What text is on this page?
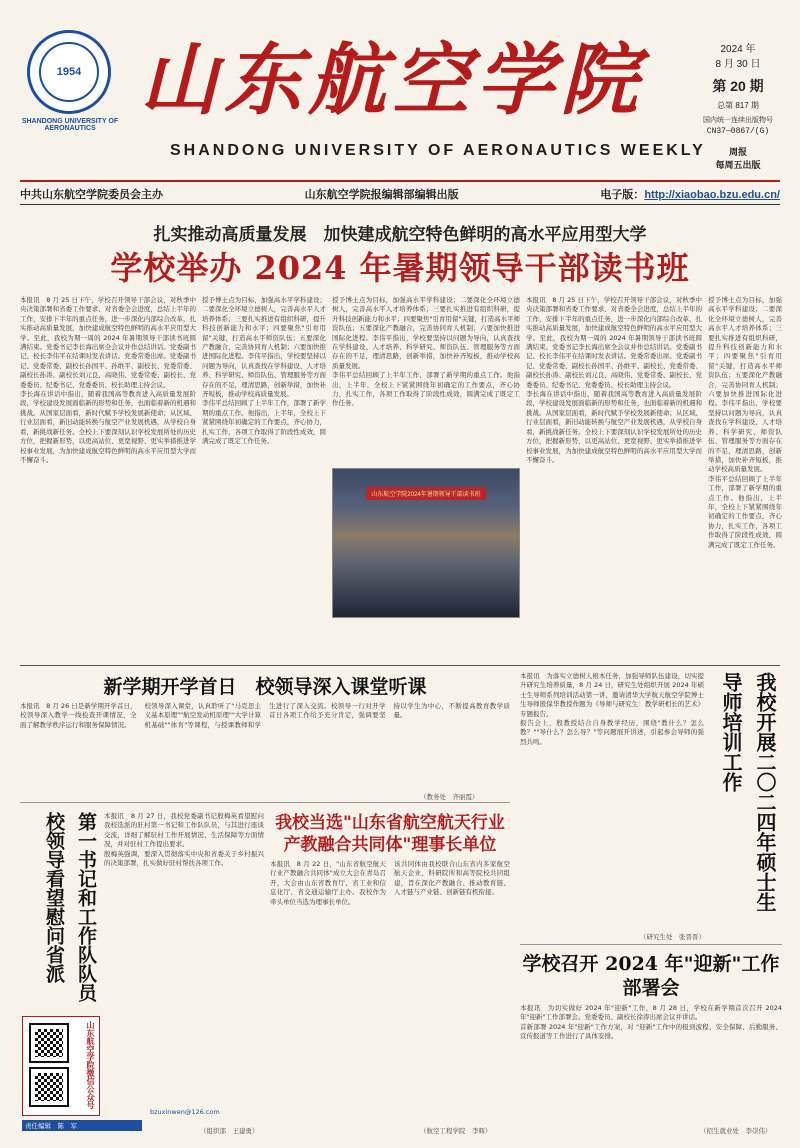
1954
SHANDONG UNIVERSITY OF AERONAUTICS
山东航空学院
SHANDONG UNIVERSITY OF AERONAUTICS WEEKLY
2024 年
8 月 30 日
第 20 期
总第 817 期
国内统一连续出版物号
CN37—0867/(G)
周报
每周五出版
中共山东航空学院委员会主办	山东航空学院报编辑部编辑出版	电子版：http://xiaobao.bzu.edu.cn/
扎实推动高质量发展　加快建成航空特色鲜明的高水平应用型大学
学校举办 2024 年暑期领导干部读书班
本报讯　8 月 25 日下午，学校召开领导干部会议，对秋季中央决策部署和省委工作要求、对省委全会进度，总结上半年的工作，安排下半年的重点任务，进一步深化内部综合改革，扎实推动高质量发展，加快建成航空特色鲜明的高水平应用型大学。至此，我校为期一周的 2024 年暑期领导干部读书班圆满结束。党委书记李长海出席全会议并作总结讲话。党委副书记、校长李伟平在结课时发表讲话。党委常委出席。党委副书记、党委常委、副校长孙国平、孙维平、副校长、党委常委、副校长孙涛、副校长刘元良、高晓伟、党委常委、副校长、党委委员、纪委书记、党委委员、校长助理主持会议。
李长海在讲话中指出，随着我国高等教育进入高质量发展阶段，学校建设发展面临新的形势和任务，也面临着新的机遇和挑战。从国家层面看，新时代赋予学校发展新使命；从区域、行业层面看，新旧动能转换与航空产业发展机遇，从学校自身看，新挑战新任务。全校上下要深刻认识学校发展所处的历史方位，把握新形势，以更高站位、更宽视野、更实举措推进学校事业发展，为加快建成航空特色鲜明的高水平应用型大学而不懈奋斗。
授予博士点为目标，加强高水平学科建设；二要深化全环境立德树人，完善高水平人才培养体系；三要扎实推进有组织科研，提升科技创新能力和水平；四要聚焦"引育用留"关键，打造高水平师资队伍；五要深化产教融合，完善协同育人机制；六要加快推进国际化进程。李伟平指出，学校要坚持以问题为导向，认真查找在学科建设、人才培养、科学研究、师资队伍、管理服务等方面存在的不足，理清思路，创新举措，加快补齐短板，推动学校高质量发展。
李伟平总结回顾了上半年工作，部署了新学期的重点工作。他指出，上半年，全校上下紧紧围绕年初确定的工作要点，齐心协力，扎实工作，各项工作取得了阶段性成效，圆满完成了既定工作任务。
山东航空学院2024年暑期领导干部读书班
授予博士点为目标，加强高水平学科建设；二要深化全环境立德树人，完善高水平人才培养体系；三要扎实推进有组织科研，提升科技创新能力和水平；四要聚焦"引育用留"关键，打造高水平师资队伍；五要深化产教融合，完善协同育人机制；六要加快推进国际化进程。李伟平指出，学校要坚持以问题为导向，认真查找在学科建设、人才培养、科学研究、师资队伍、管理服务等方面存在的不足，理清思路，创新举措，加快补齐短板，推动学校高质量发展。
李伟平总结回顾了上半年工作，部署了新学期的重点工作。他指出，上半年，全校上下紧紧围绕年初确定的工作要点，齐心协力，扎实工作，各项工作取得了阶段性成效，圆满完成了既定工作任务。
本报讯　8 月 25 日下午，学校召开领导干部会议，对秋季中央决策部署和省委工作要求、对省委全会进度，总结上半年的工作，安排下半年的重点任务，进一步深化内部综合改革，扎实推动高质量发展，加快建成航空特色鲜明的高水平应用型大学。至此，我校为期一周的 2024 年暑期领导干部读书班圆满结束。党委书记李长海出席全会议并作总结讲话。党委副书记、校长李伟平在结课时发表讲话。党委常委出席。党委副书记、党委常委、副校长孙国平、孙维平、副校长、党委常委、副校长孙涛、副校长刘元良、高晓伟、党委常委、副校长、党委委员、纪委书记、党委委员、校长助理主持会议。
李长海在讲话中指出，随着我国高等教育进入高质量发展阶段，学校建设发展面临新的形势和任务，也面临着新的机遇和挑战。从国家层面看，新时代赋予学校发展新使命；从区域、行业层面看，新旧动能转换与航空产业发展机遇，从学校自身看，新挑战新任务。全校上下要深刻认识学校发展所处的历史方位，把握新形势，以更高站位、更宽视野、更实举措推进学校事业发展，为加快建成航空特色鲜明的高水平应用型大学而不懈奋斗。
授予博士点为目标，加强高水平学科建设；二要深化全环境立德树人，完善高水平人才培养体系；三要扎实推进有组织科研，提升科技创新能力和水平；四要聚焦"引育用留"关键，打造高水平师资队伍；五要深化产教融合，完善协同育人机制；六要加快推进国际化进程。李伟平指出，学校要坚持以问题为导向，认真查找在学科建设、人才培养、科学研究、师资队伍、管理服务等方面存在的不足，理清思路，创新举措，加快补齐短板，推动学校高质量发展。
李伟平总结回顾了上半年工作，部署了新学期的重点工作。他指出，上半年，全校上下紧紧围绕年初确定的工作要点，齐心协力，扎实工作，各项工作取得了阶段性成效，圆满完成了既定工作任务。
新学期开学首日　校领导深入课堂听课
本报讯　8 月 26 日是新学期开学首日，校领导深入教学一线检查开课情况，全面了解教学秩序运行和服务保障情况。
校领导深入课堂，认真聆听了"马克思主义基本原理""航空发动机原理""大学计算机基础""体育"等课程，与授课教师和学生进行了深入交流。校领导一行对开学首日各项工作给予充分肯定，强调要坚持以学生为中心，不断提高教育教学质量。
（教务处　齐丽霞）
本报讯　为落实立德树人根本任务，加强导师队伍建设，切实提升研究生培养质量，8 月 24 日，研究生处组织开展 2024 年硕士生导师系列培训活动第一讲，邀请清华大学航天航空学院博士生导师殷保华教授作题为《导师与研究生：教学研相长的艺术》专题报告。
报告会上，殷教授结合自身教学经历，围绕"教什么？怎么教？""导什么？怎么导？"等问题展开讲述，引起参会导师的强烈共鸣。	我校开展二〇二四年硕士生导师培训工作
（研究生处　张晋晋）
第一书记和工作队队员校领导看望慰问省派	本报讯　8 月 27 日，我校党委副书记殷梅英看望慰问我校选派的驻村第一书记和工作队队员，与其进行座谈交流，详细了解驻村工作开展情况、生活保障等方面情况，并对驻村工作提出要求。
殷梅英强调，要深入贯彻落实中央和省委关于乡村振兴的决策部署，扎实做好驻村帮扶各项工作。
（组织部　王建勇）
山东航空学院微信公众号
责任编辑　陈　军
bzuxinwen@126.com
我校当选"山东省航空航天行业产教融合共同体"理事长单位
本报讯　8 月 22 日，"山东省航空航天行业产教融合共同体"成立大会在青岛召开，大会由山东省教育厅、省工业和信息化厅、省交通运输厅主办。我校作为牵头单位当选为理事长单位。
该共同体由我校联合山东省内多家航空航天企业、科研院所和高等院校共同组建，旨在深化产教融合、推动教育链、人才链与产业链、创新链有机衔接。
（航空工程学院　李辉）
学校召开 2024 年"迎新"工作部署会
本报讯　为切实做好 2024 年"迎新"工作，8 月 28 日，学校在新学期首次召开 2024 年"迎新"工作部署会。党委委员、副校长徐涛出席会议并讲话。
首新部署 2024 年"迎新"工作方案，对 "迎新"工作中的报到流程、安全保障、后勤服务、宣传报道等工作进行了具体安排。
（招生就业处　李崇伟）
